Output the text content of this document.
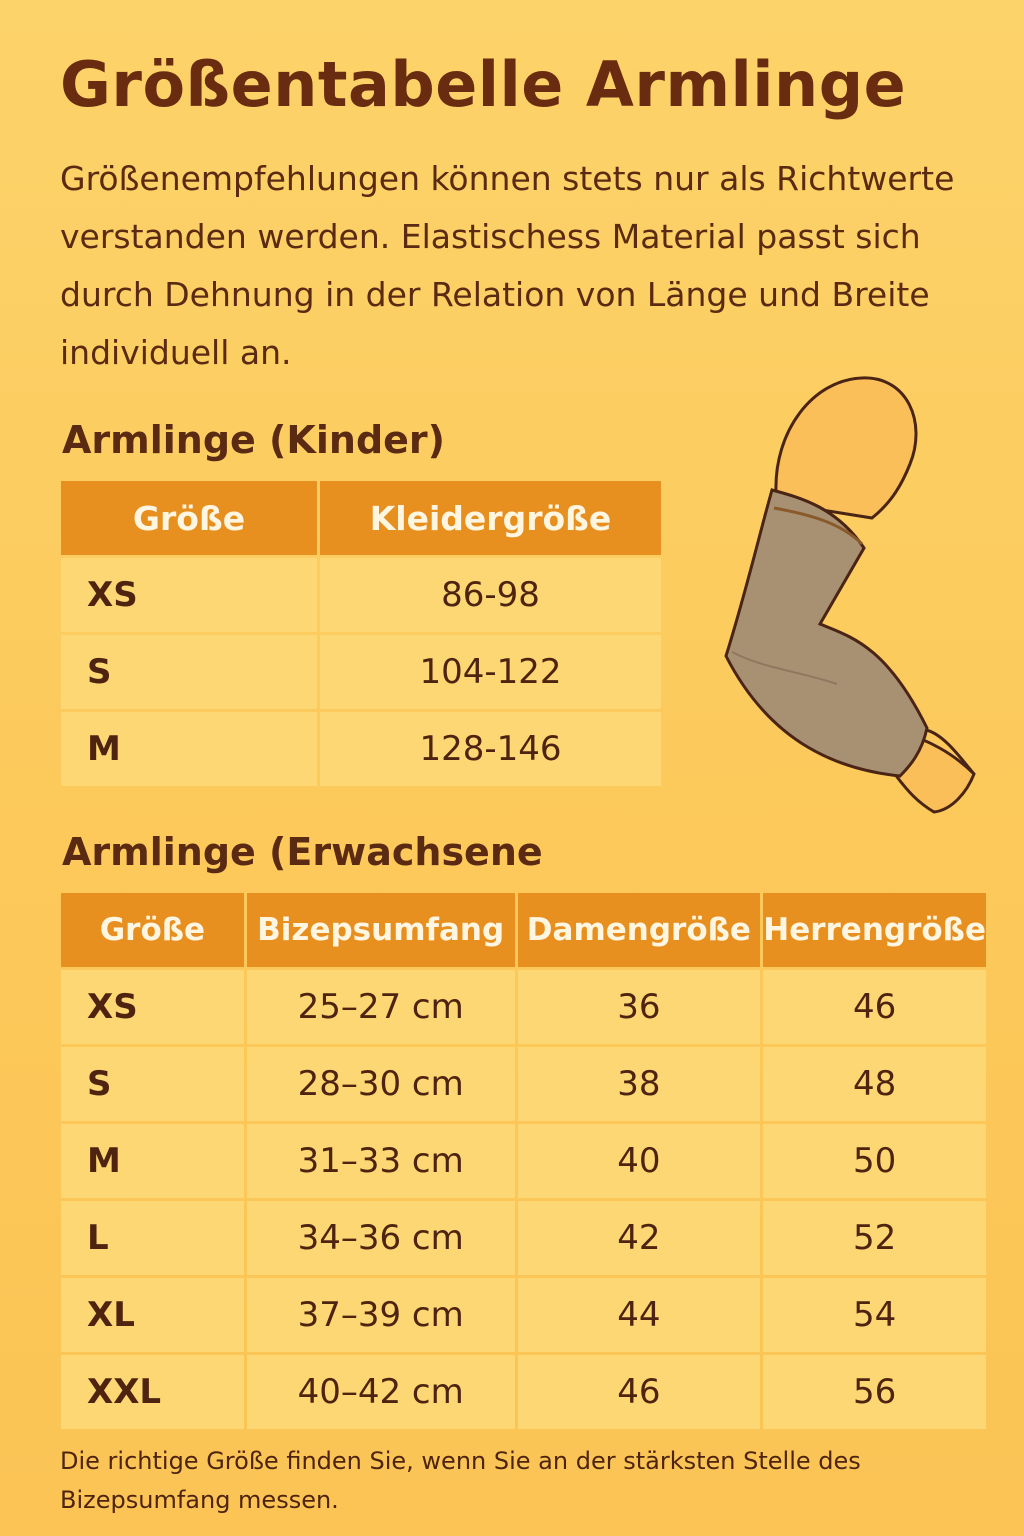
Größentabelle Armlinge

Größenempfehlungen können stets nur als Richtwerte verstanden werden. Elastischess Material passt sich durch Dehnung in der Relation von Länge und Breite individuell an.

Armlinge (Kinder)
Größe	Kleidergröße
XS	86-98
S	104-122
M	128-146
Armlinge (Erwachsene
Größe	Bizepsumfang	Damengröße	Herrengröße
XS	25–27 cm	36	46
S	28–30 cm	38	48
M	31–33 cm	40	50
L	34–36 cm	42	52
XL	37–39 cm	44	54
XXL	40–42 cm	46	56

Die richtige Größe finden Sie, wenn Sie an der stärksten Stelle des Bizepsumfang messen.
